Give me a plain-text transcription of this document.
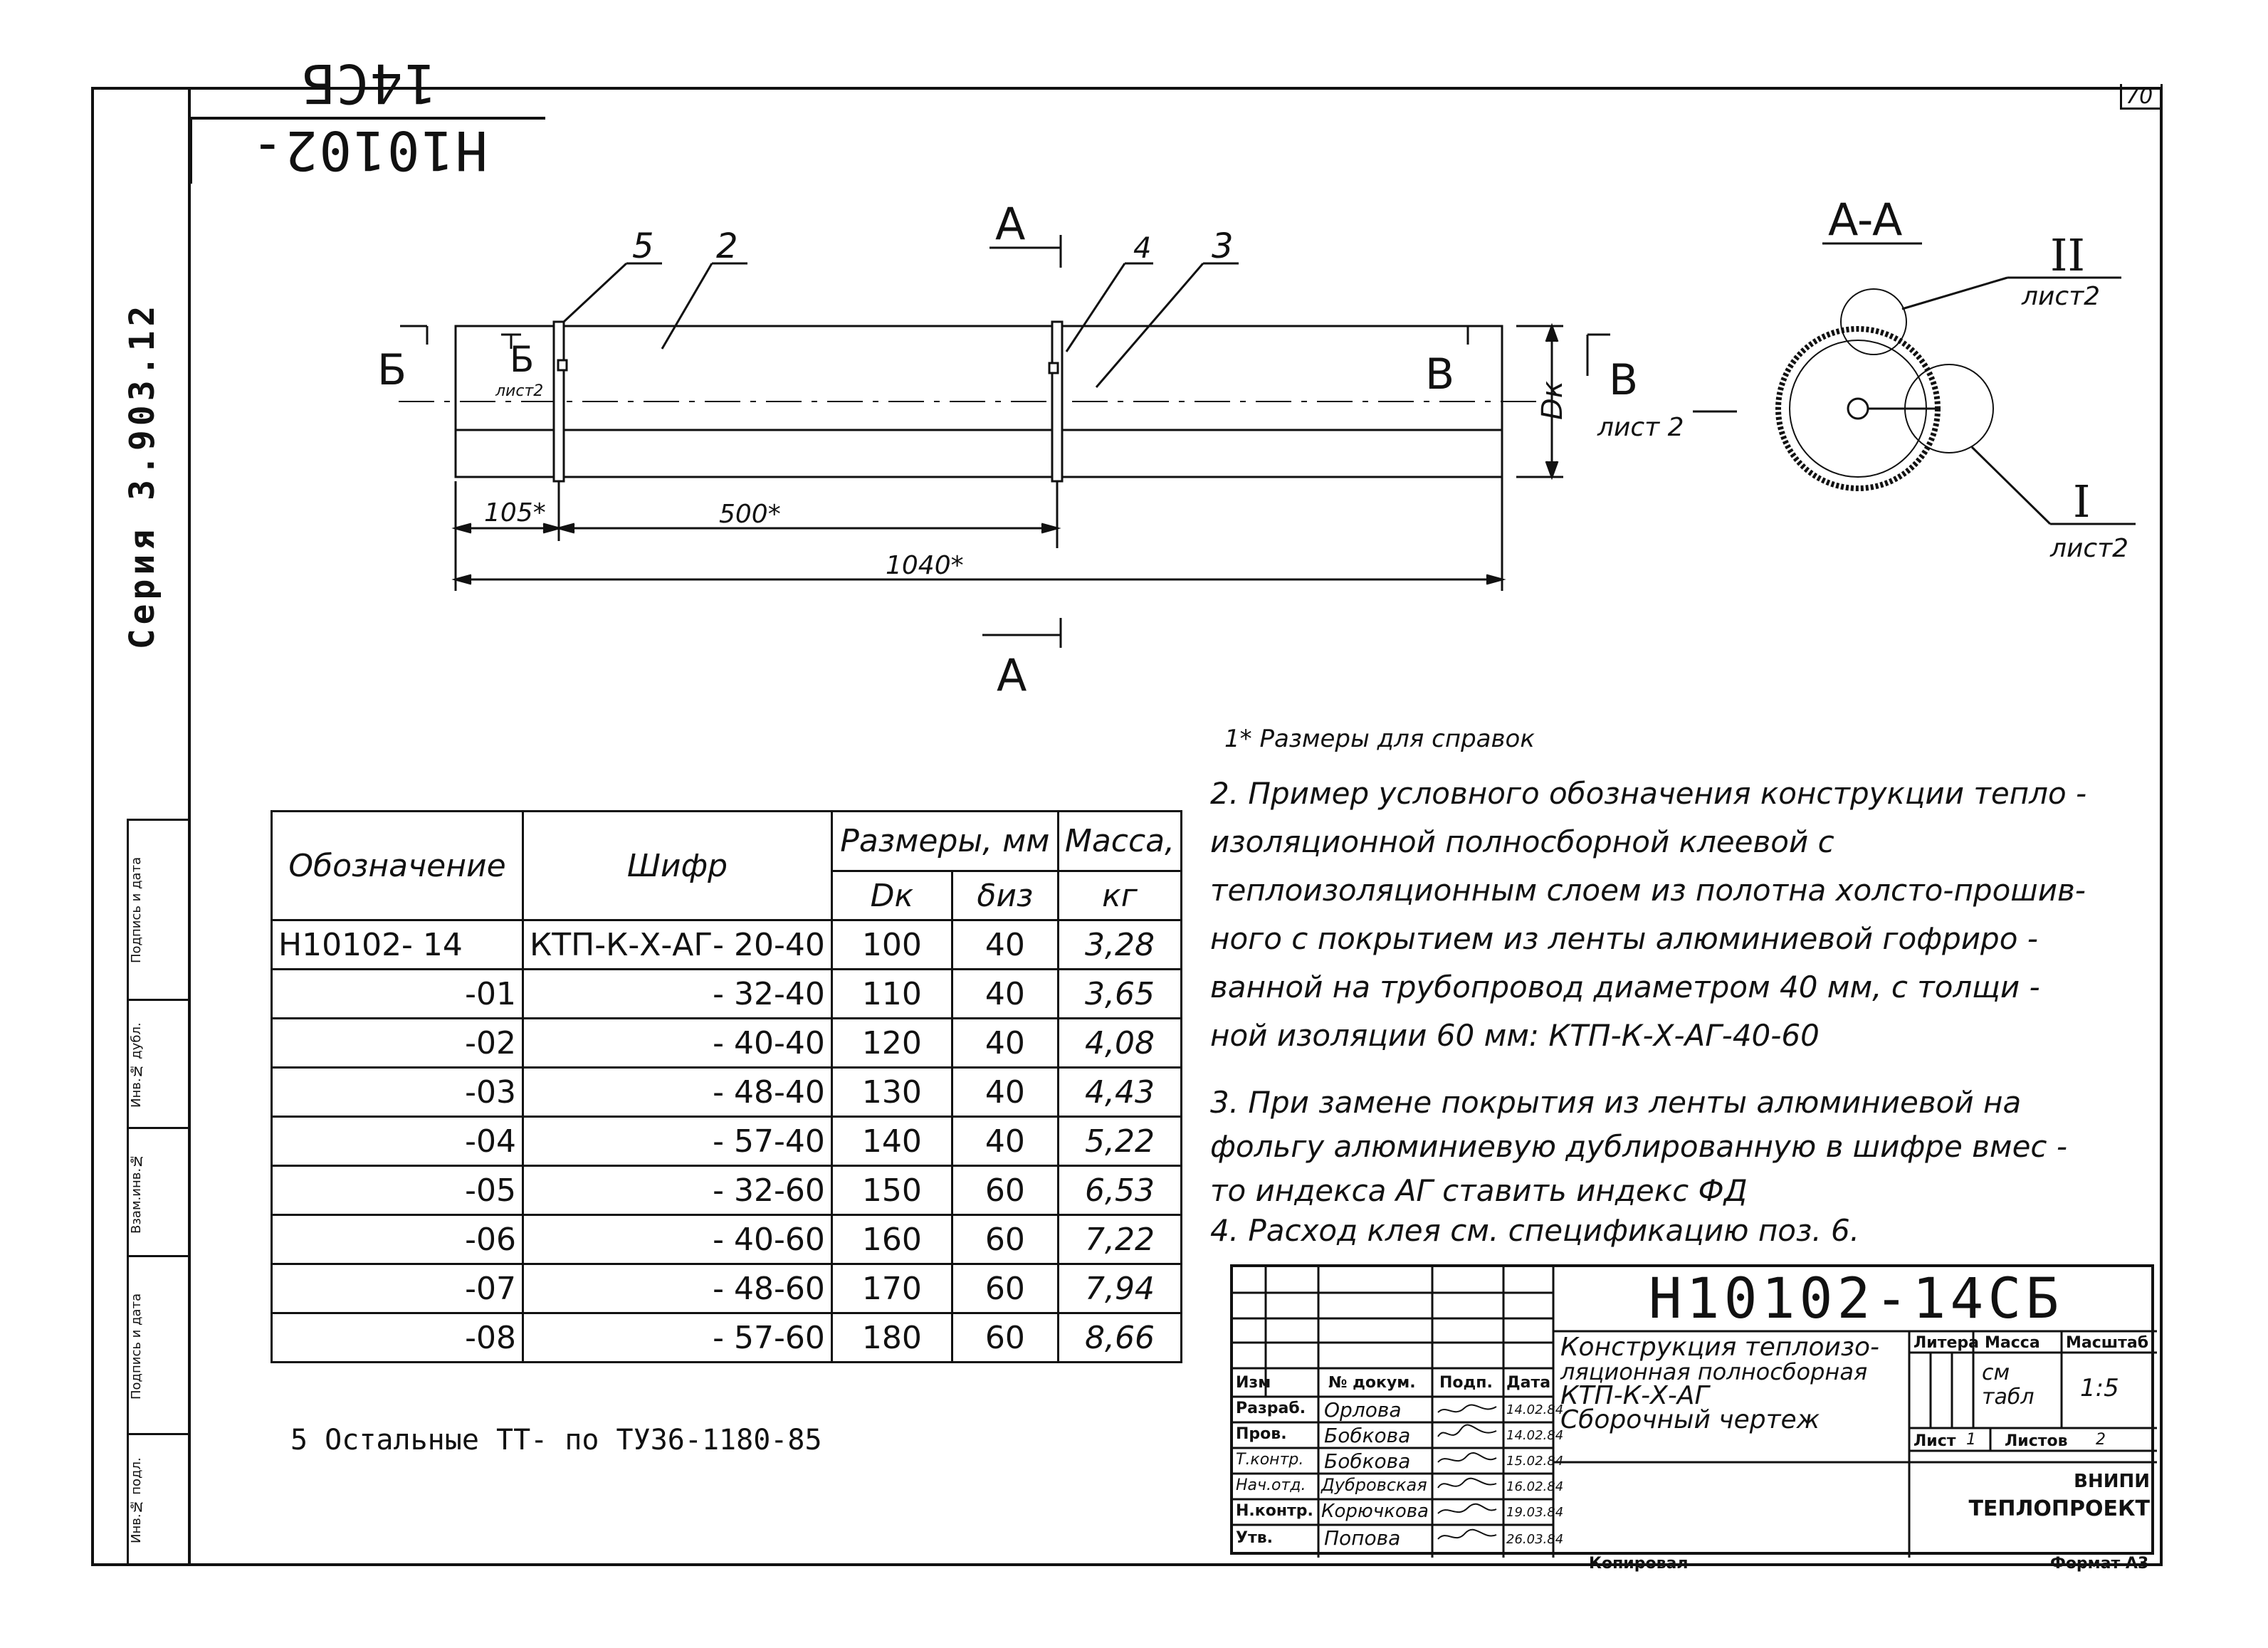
70
Н10102-14СБ
Серия 3.903.12
Подпись и дата
Инв.№ дубл.
Взам.инв.№
Подпись и дата
Инв.№ подл.
5 2	4 3
A
A
A-A
Б	Б
лист2	В	В
лист 2
Dк
105*	500*
1040*
II
лист2
I
лист2
1* Размеры для справок
2. Пример условного обозначения конструкции тепло -
изоляционной полносборной клеевой с
теплоизоляционным слоем из полотна холсто-прошив-
ного с покрытием из ленты алюминиевой гофриро -
ванной на трубопровод диаметром 40 мм, с толщи -
ной изоляции 60 мм: КТП-К-Х-АГ-40-60
3. При замене покрытия из ленты алюминиевой на
фольгу алюминиевую дублированную в шифре вмес -
то индекса АГ ставить индекс ФД
4. Расход клея см. спецификацию поз. 6.
5 Остальные ТТ- по ТУ36-1180-85
Обозначение	Шифр	Размеры, мм		Масса,
		Dк	δиз	кг
Н10102- 14	КТП-К-Х-АГ- 20-40	100	40	3,28
-01	- 32-40	110	40	3,65
-02	- 40-40	120	40	4,08
-03	- 48-40	130	40	4,43
-04	- 57-40	140	40	5,22
-05	- 32-60	150	60	6,53
-06	- 40-60	160	60	7,22
-07	- 48-60	170	60	7,94
-08	- 57-60	180	60	8,66
Н10102-14СБ
Конструкция теплоизо-
ляционная полносборная
КТП-К-Х-АГ
Сборочный чертеж
Изм	№ докум. Подп. Дата
Разраб. Орлова	14.02.84
Пров. Бобкова	14.02.84
Т.контр. Бобкова	15.02.84
Нач.отд. Дубровская	16.02.84
Н.контр. Корючкова	19.03.84
Утв.	Попова	26.03.84
Литера Масса Масштаб
см табл	1:5
Лист 1 Листов 2
ВНИПИ
ТЕПЛОПРОЕКТ
Копировал	Формат А3
